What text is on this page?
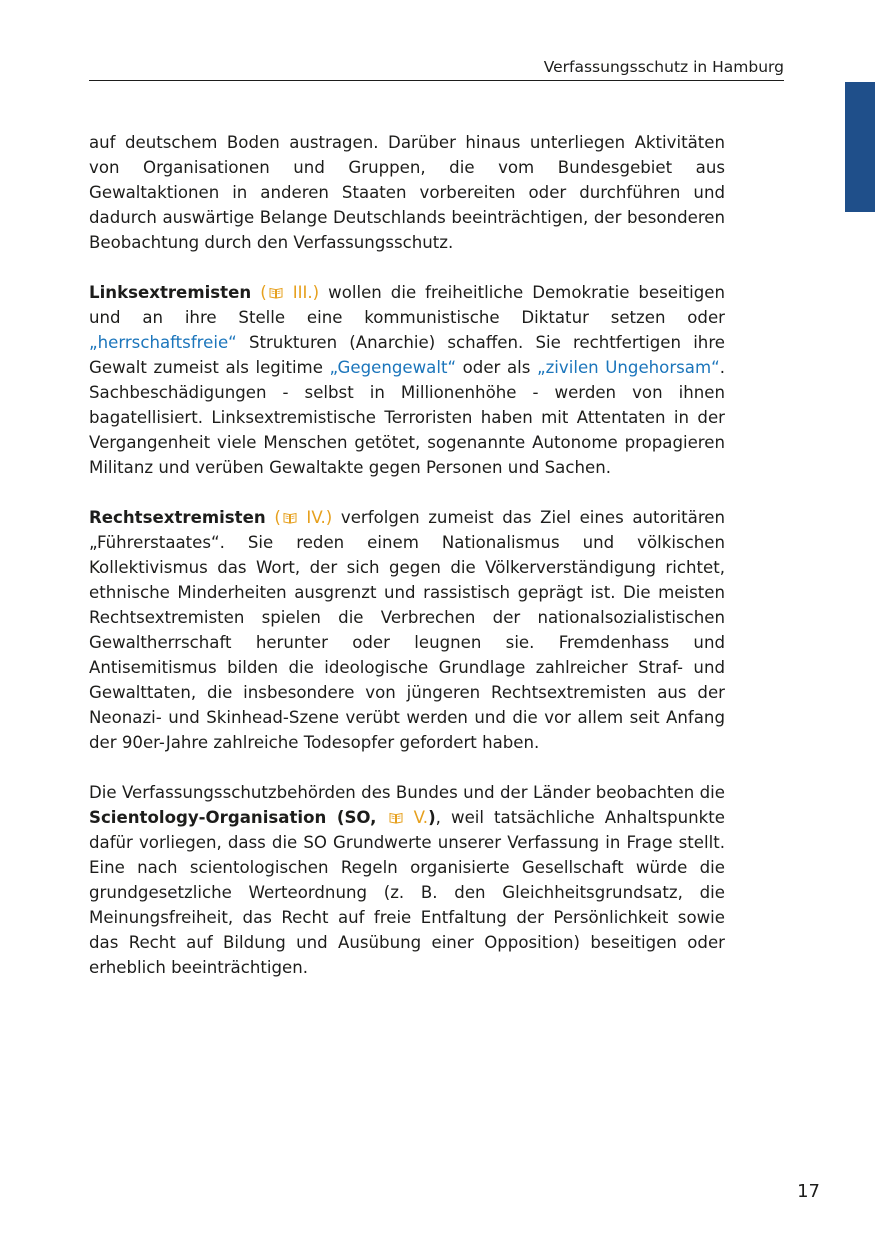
Verfassungsschutz in Hamburg

auf deutschem Boden austragen. Darüber hinaus unterliegen Aktivitäten von Organisationen und Gruppen, die vom Bundesgebiet aus Gewaltaktionen in anderen Staaten vorbereiten oder durchführen und dadurch auswärtige Belange Deutschlands beeinträchtigen, der besonderen Beobachtung durch den Verfassungsschutz.

Linksextremisten ( III.) wollen die freiheitliche Demokratie beseitigen und an ihre Stelle eine kommunistische Diktatur setzen oder „herrschaftsfreie“ Strukturen (Anarchie) schaffen. Sie rechtfertigen ihre Gewalt zumeist als legitime „Gegengewalt“ oder als „zivilen Ungehorsam“. Sachbeschädigungen - selbst in Millionenhöhe - werden von ihnen bagatellisiert. Linksextremistische Terroristen haben mit Attentaten in der Vergangenheit viele Menschen getötet, sogenannte Autonome propagieren Militanz und verüben Gewaltakte gegen Personen und Sachen.

Rechtsextremisten ( IV.) verfolgen zumeist das Ziel eines autoritären „Führerstaates“. Sie reden einem Nationalismus und völkischen Kollektivismus das Wort, der sich gegen die Völkerverständigung richtet, ethnische Minderheiten ausgrenzt und rassistisch geprägt ist. Die meisten Rechtsextremisten spielen die Verbrechen der nationalsozialistischen Gewaltherrschaft herunter oder leugnen sie. Fremdenhass und Antisemitismus bilden die ideologische Grundlage zahlreicher Straf- und Gewalttaten, die insbesondere von jüngeren Rechtsextremisten aus der Neonazi- und Skinhead-Szene verübt werden und die vor allem seit Anfang der 90er-Jahre zahlreiche Todesopfer gefordert haben.

Die Verfassungsschutzbehörden des Bundes und der Länder beobachten die Scientology-Organisation (SO, V.), weil tatsächliche Anhaltspunkte dafür vorliegen, dass die SO Grundwerte unserer Verfassung in Frage stellt. Eine nach scientologischen Regeln organisierte Gesellschaft würde die grundgesetzliche Werteordnung (z. B. den Gleichheitsgrundsatz, die Meinungsfreiheit, das Recht auf freie Entfaltung der Persönlichkeit sowie das Recht auf Bildung und Ausübung einer Opposition) beseitigen oder erheblich beeinträchtigen.

17
